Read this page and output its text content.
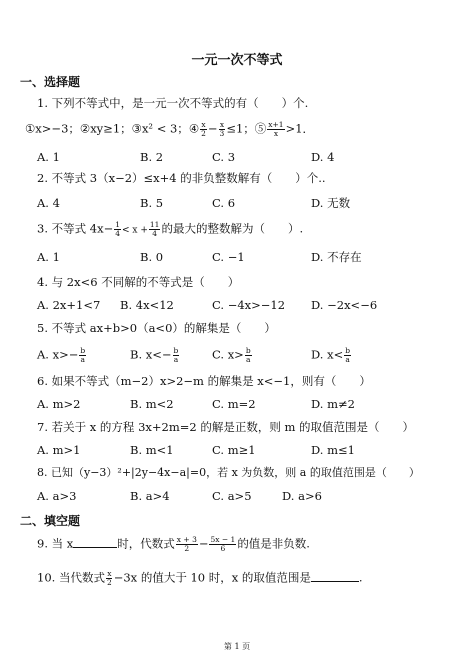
一元一次不等式
一、选择题
1. 下列不等式中，是一元一次不等式的有（　　）个.
①x>−3；②xy≥1；③x² < 3；④ $\frac{x}{2} - \frac{x}{3} \le 1$；⑤ $\frac{x+1}{x} >1$．
A. 1	B. 2	C. 3	D. 4
2. 不等式 3（x−2）≤x+4 的非负整数解有（　　）个..
A. 4	B. 5	C. 6	D. 无数
3. 不等式 $4x- \frac{1}{4} < x + \frac{11}{4}$ 的最大的整数解为（　　）.
A. 1	B. 0	C. −1	D. 不存在
4. 与 2x<6 不同解的不等式是（　　）
A. 2x+1<7 B. 4x<12	C. −4x>−12 D. −2x<−6
5. 不等式 ax+b>0（a<0）的解集是（　　）
A. $x>- \frac{b}{a}$	B. $x<- \frac{b}{a}$	C. $x> \frac{b}{a}$	D. $x< \frac{b}{a}$
6. 如果不等式（m−2）x>2−m 的解集是 x<−1，则有（　　）
A. m>2	B. m<2	C. m=2	D. m≠2
7. 若关于 x 的方程 3x+2m=2 的解是正数，则 m 的取值范围是（　　）
A. m>1	B. m<1	C. m≥1	D. m≤1
8. 已知（y−3）²+|2y−4x−a|=0，若 x 为负数，则 a 的取值范围是（　　）
A. a>3	B. a>4	C. a>5	D. a>6
二、填空题
9. 当 x	时，代数式 $\frac{x + 3}{2} - \frac{5x - 1}{6}$ 的值是非负数.
10. 当代数式 $\frac{x}{2} -3x$ 的值大于 10 时，x 的取值范围是	.
第 1 页
